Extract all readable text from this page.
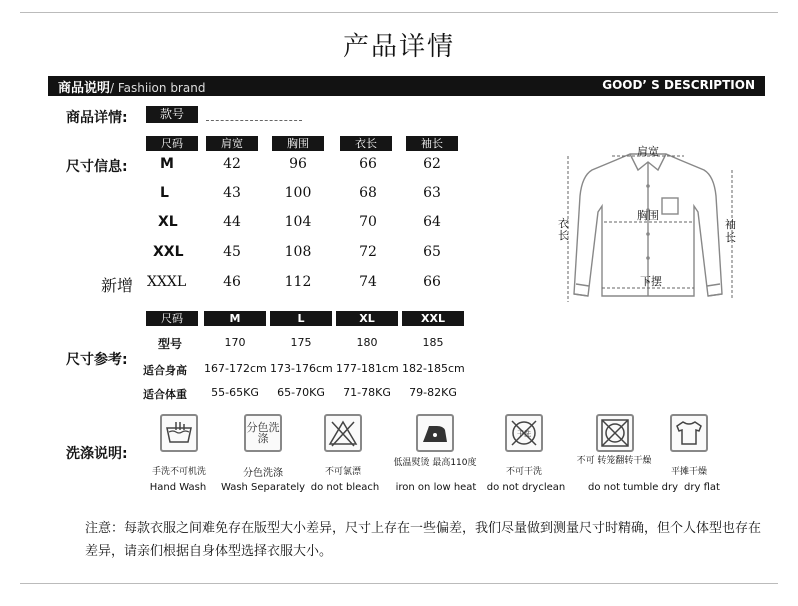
产品详情
商品说明/ Fashiion brand	GOOD’ S DESCRIPTION
商品详情:	款号
尺寸信息:
尺码	肩宽	胸围	衣长	袖长
M	42	96	66	62
L	43	100	68	63
XL	44	104	70	64
XXL	45	108	72	65
新增 XXXL	46	112	74	66
肩宽
胸围
衣长
袖长
下摆
尺寸参考:
尺码	M	L	XL	XXL
型号	170	175	180	185
适合身高 167-172cm 173-176cm 177-181cm 182-185cm
适合体重	55-65KG	65-70KG	71-78KG	79-82KG
洗涤说明:
分色洗涤	干洗
手洗不可机洗	分色洗涤	不可氯漂
低温熨烫 最高110度
不可干洗
不可 转笼翻转干燥
平摊干燥
Hand Wash	Wash Separately do not bleach	iron on low heat	do not dryclean	do not tumble dry dry flat
注意：每款衣服之间难免存在版型大小差异，尺寸上存在一些偏差，我们尽量做到测量尺寸时精确，但个人体型也存在差异，请亲们根据自身体型选择衣服大小。
